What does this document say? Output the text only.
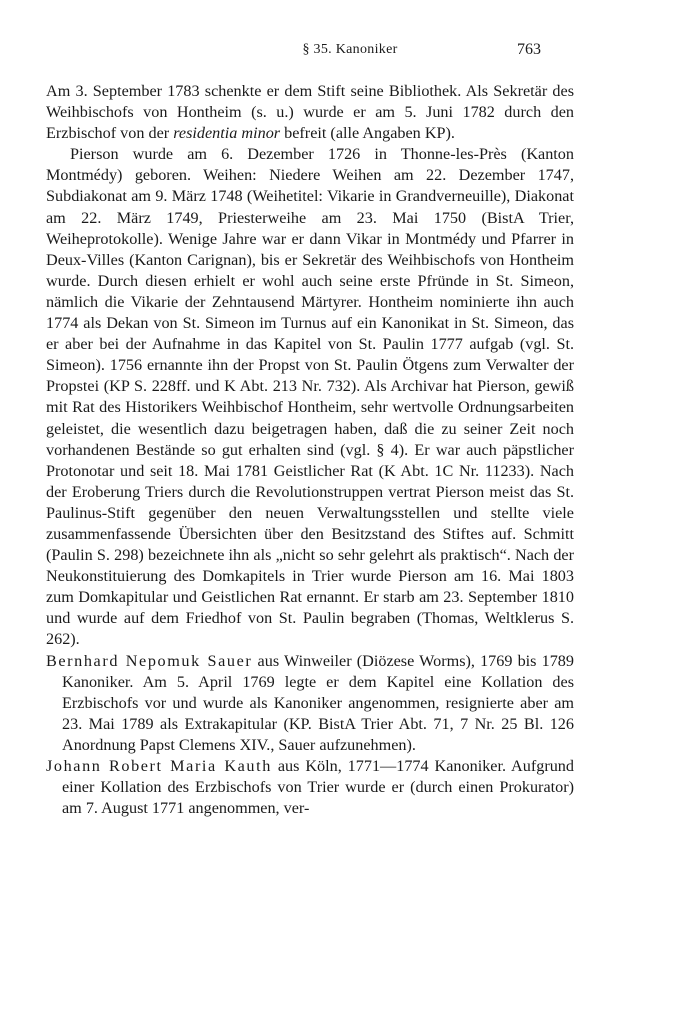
§ 35. Kanoniker	763

Am 3. September 1783 schenkte er dem Stift seine Bibliothek. Als Sekretär des Weihbischofs von Hontheim (s. u.) wurde er am 5. Juni 1782 durch den Erzbischof von der residentia minor befreit (alle Angaben KP).

Pierson wurde am 6. Dezember 1726 in Thonne-les-Près (Kanton Montmédy) geboren. Weihen: Niedere Weihen am 22. Dezember 1747, Subdiakonat am 9. März 1748 (Weihetitel: Vikarie in Grandverneuille), Diakonat am 22. März 1749, Priesterweihe am 23. Mai 1750 (BistA Trier, Weiheprotokolle). Wenige Jahre war er dann Vikar in Montmédy und Pfarrer in Deux-Villes (Kanton Carignan), bis er Sekretär des Weihbischofs von Hontheim wurde. Durch diesen erhielt er wohl auch seine erste Pfründe in St. Simeon, nämlich die Vikarie der Zehntausend Märtyrer. Hontheim nominierte ihn auch 1774 als Dekan von St. Simeon im Turnus auf ein Kanonikat in St. Simeon, das er aber bei der Aufnahme in das Kapitel von St. Paulin 1777 aufgab (vgl. St. Simeon). 1756 ernannte ihn der Propst von St. Paulin Ötgens zum Verwalter der Propstei (KP S. 228ff. und K Abt. 213 Nr. 732). Als Archivar hat Pierson, gewiß mit Rat des Historikers Weihbischof Hontheim, sehr wertvolle Ordnungsarbeiten geleistet, die wesentlich dazu beigetragen haben, daß die zu seiner Zeit noch vorhandenen Bestände so gut erhalten sind (vgl. § 4). Er war auch päpstlicher Protonotar und seit 18. Mai 1781 Geistlicher Rat (K Abt. 1C Nr. 11233). Nach der Eroberung Triers durch die Revolutionstruppen vertrat Pierson meist das St. Paulinus-Stift gegenüber den neuen Verwaltungsstellen und stellte viele zusammenfassende Übersichten über den Besitzstand des Stiftes auf. Schmitt (Paulin S. 298) bezeichnete ihn als „nicht so sehr gelehrt als praktisch“. Nach der Neukonstituierung des Domkapitels in Trier wurde Pierson am 16. Mai 1803 zum Domkapitular und Geistlichen Rat ernannt. Er starb am 23. September 1810 und wurde auf dem Friedhof von St. Paulin begraben (Thomas, Weltklerus S. 262).

Bernhard Nepomuk Sauer aus Winweiler (Diözese Worms), 1769 bis 1789 Kanoniker. Am 5. April 1769 legte er dem Kapitel eine Kollation des Erzbischofs vor und wurde als Kanoniker angenommen, resignierte aber am 23. Mai 1789 als Extrakapitular (KP. BistA Trier Abt. 71, 7 Nr. 25 Bl. 126 Anordnung Papst Clemens XIV., Sauer aufzunehmen).

Johann Robert Maria Kauth aus Köln, 1771—1774 Kanoniker. Aufgrund einer Kollation des Erzbischofs von Trier wurde er (durch einen Prokurator) am 7. August 1771 angenommen, ver-
